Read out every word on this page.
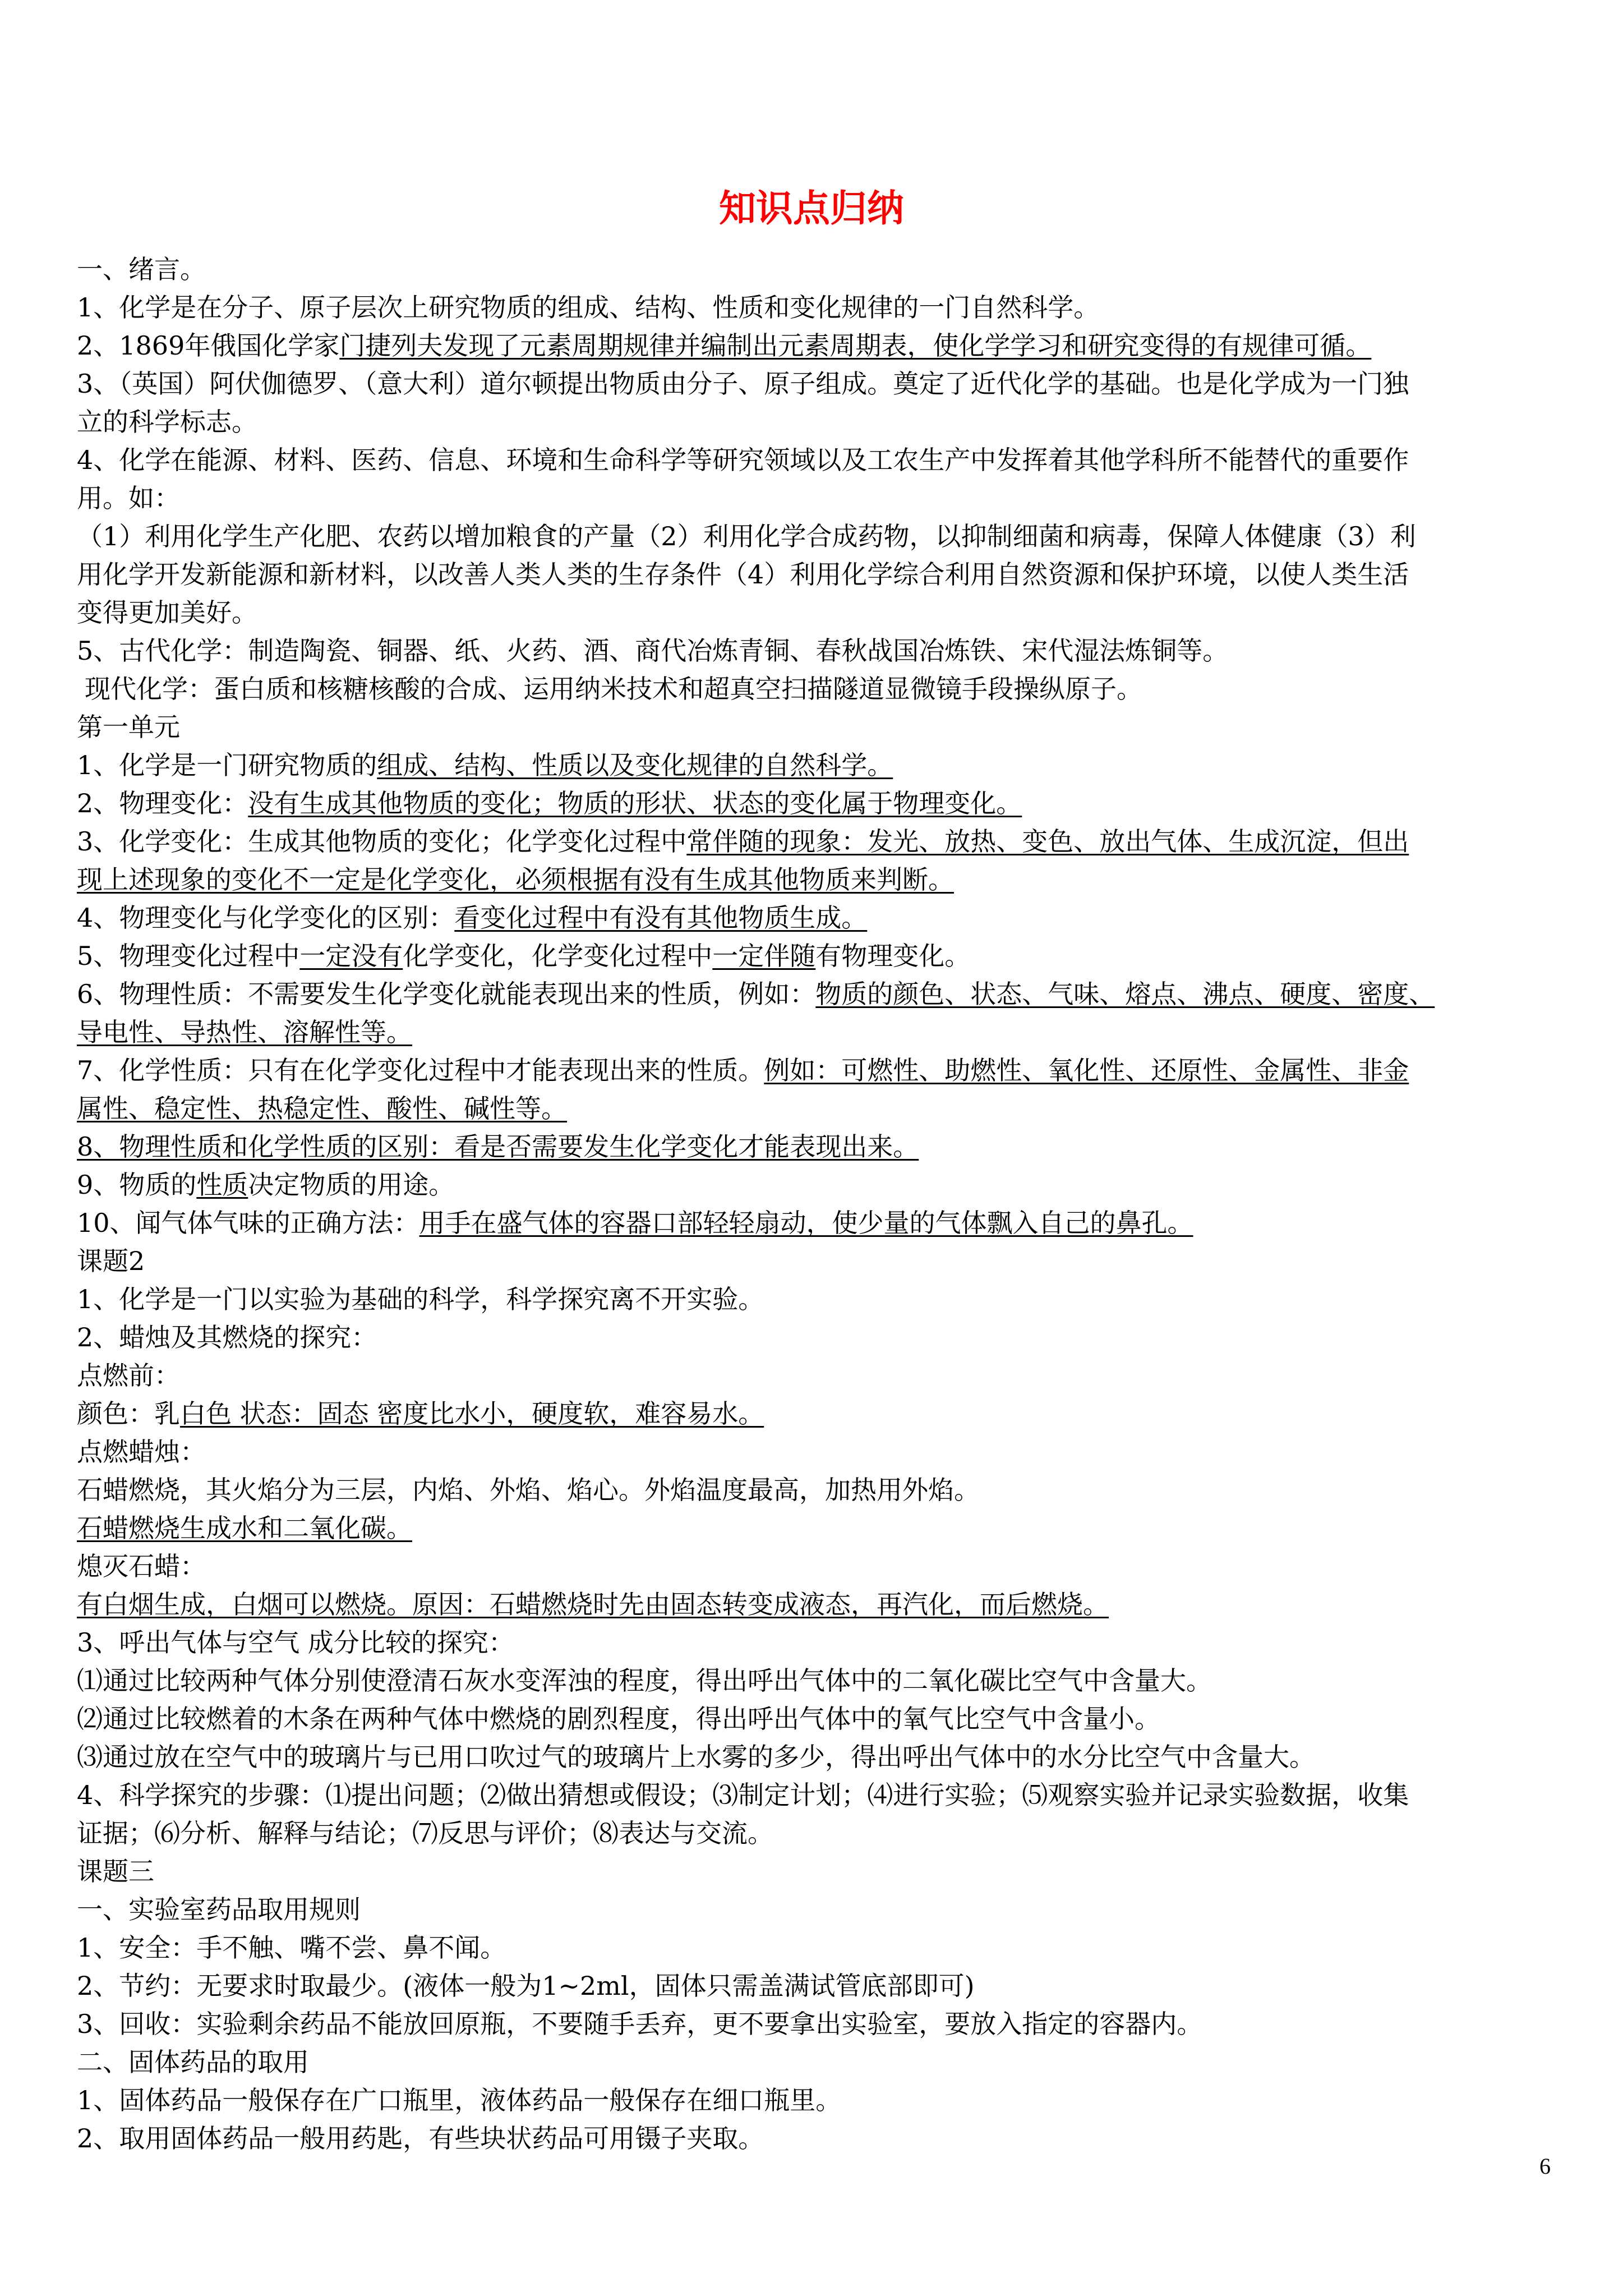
知识点归纳
一、绪言。
1、化学是在分子、原子层次上研究物质的组成、结构、性质和变化规律的一门自然科学。
2、1869年俄国化学家门捷列夫发现了元素周期规律并编制出元素周期表，使化学学习和研究变得的有规律可循。
3、（英国）阿伏伽德罗、（意大利）道尔顿提出物质由分子、原子组成。奠定了近代化学的基础。也是化学成为一门独
立的科学标志。
4、化学在能源、材料、医药、信息、环境和生命科学等研究领域以及工农生产中发挥着其他学科所不能替代的重要作
用。如：
（1）利用化学生产化肥、农药以增加粮食的产量（2）利用化学合成药物，以抑制细菌和病毒，保障人体健康（3）利
用化学开发新能源和新材料，以改善人类人类的生存条件（4）利用化学综合利用自然资源和保护环境，以使人类生活
变得更加美好。
5、古代化学：制造陶瓷、铜器、纸、火药、酒、商代冶炼青铜、春秋战国冶炼铁、宋代湿法炼铜等。
现代化学：蛋白质和核糖核酸的合成、运用纳米技术和超真空扫描隧道显微镜手段操纵原子。
第一单元
1、化学是一门研究物质的组成、结构、性质以及变化规律的自然科学。
2、物理变化：没有生成其他物质的变化；物质的形状、状态的变化属于物理变化。
3、化学变化：生成其他物质的变化；化学变化过程中常伴随的现象：发光、放热、变色、放出气体、生成沉淀，但出
现上述现象的变化不一定是化学变化，必须根据有没有生成其他物质来判断。
4、物理变化与化学变化的区别：看变化过程中有没有其他物质生成。
5、物理变化过程中一定没有化学变化，化学变化过程中一定伴随有物理变化。
6、物理性质：不需要发生化学变化就能表现出来的性质，例如：物质的颜色、状态、气味、熔点、沸点、硬度、密度、
导电性、导热性、溶解性等。
7、化学性质：只有在化学变化过程中才能表现出来的性质。例如：可燃性、助燃性、氧化性、还原性、金属性、非金
属性、稳定性、热稳定性、酸性、碱性等。
8、物理性质和化学性质的区别：看是否需要发生化学变化才能表现出来。
9、物质的性质决定物质的用途。
10、闻气体气味的正确方法：用手在盛气体的容器口部轻轻扇动，使少量的气体飘入自己的鼻孔。
课题2
1、化学是一门以实验为基础的科学，科学探究离不开实验。
2、蜡烛及其燃烧的探究：
点燃前：
颜色：乳白色 状态：固态 密度比水小，硬度软，难容易水。
点燃蜡烛：
石蜡燃烧，其火焰分为三层，内焰、外焰、焰心。外焰温度最高，加热用外焰。
石蜡燃烧生成水和二氧化碳。
熄灭石蜡：
有白烟生成，白烟可以燃烧。原因：石蜡燃烧时先由固态转变成液态，再汽化，而后燃烧。
3、呼出气体与空气 成分比较的探究：
⑴通过比较两种气体分别使澄清石灰水变浑浊的程度，得出呼出气体中的二氧化碳比空气中含量大。
⑵通过比较燃着的木条在两种气体中燃烧的剧烈程度，得出呼出气体中的氧气比空气中含量小。
⑶通过放在空气中的玻璃片与已用口吹过气的玻璃片上水雾的多少，得出呼出气体中的水分比空气中含量大。
4、科学探究的步骤：⑴提出问题；⑵做出猜想或假设；⑶制定计划；⑷进行实验；⑸观察实验并记录实验数据，收集
证据；⑹分析、解释与结论；⑺反思与评价；⑻表达与交流。
课题三
一、实验室药品取用规则
1、安全：手不触、嘴不尝、鼻不闻。
2、节约：无要求时取最少。(液体一般为1~2ml，固体只需盖满试管底部即可)
3、回收：实验剩余药品不能放回原瓶，不要随手丢弃，更不要拿出实验室，要放入指定的容器内。
二、固体药品的取用
1、固体药品一般保存在广口瓶里，液体药品一般保存在细口瓶里。
2、取用固体药品一般用药匙，有些块状药品可用镊子夹取。
6
